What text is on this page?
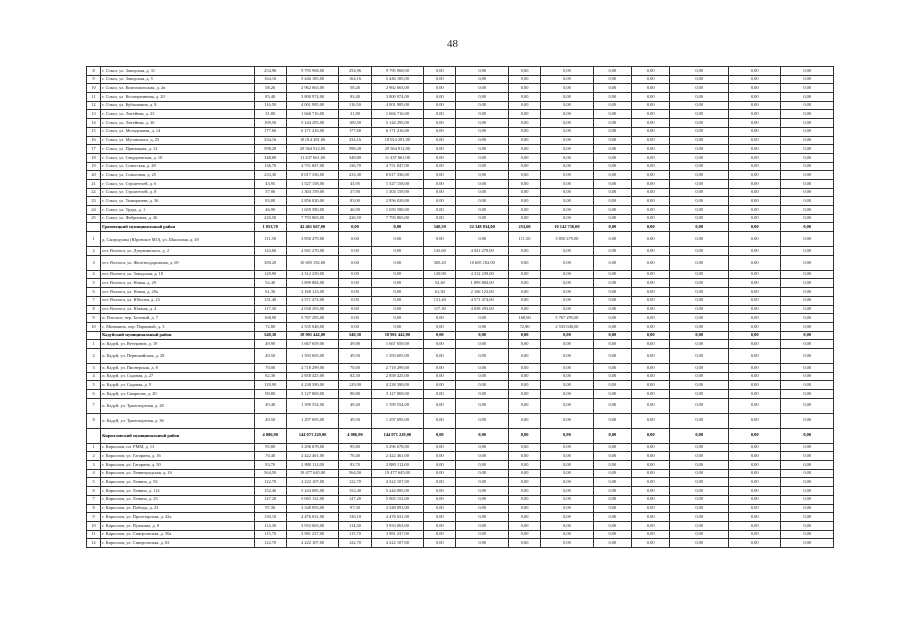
48
8	г. Сокол, ул. Заводская, д. 31	254,96	9 795 968,00	254,96	9 795 968,00	0,00	0,00	0,00	0,00	0,00	0,00	0,00	0,00	0,00
9	г. Сокол, ул. Заводская, д. 5	164,16	5 446 185,00	164,16	5 446 185,00	0,00	0,00	0,00	0,00	0,00	0,00	0,00	0,00	0,00
10	г. Сокол, ул. Комсомольская, д. 2в	58,26	2 962 663,00	58,26	2 962 663,00	0,00	0,00	0,00	0,00	0,00	0,00	0,00	0,00	0,00
11	г. Сокол, ул. Кооперативная, д. 20	83,40	3 800 974,00	83,40	3 800 974,00	0,00	0,00	0,00	0,00	0,00	0,00	0,00	0,00	0,00
12	г. Сокол, ул. Кубышкина, д. 8	116,50	4 001 985,00	116,50	4 001 985,00	0,00	0,00	0,00	0,00	0,00	0,00	0,00	0,00	0,00
13	г. Сокол, ул. Литейная, д. 23	31,80	1 666 716,00	31,80	1 666 716,00	0,00	0,00	0,00	0,00	0,00	0,00	0,00	0,00	0,00
14	г. Сокол, ул. Литейная, д. 36	109,50	5 144 295,00	109,50	5 144 295,00	0,00	0,00	0,00	0,00	0,00	0,00	0,00	0,00	0,00
15	г. Сокол, ул. Молодежная, д. 14	177,60	6 171 216,00	177,60	6 171 216,00	0,00	0,00	0,00	0,00	0,00	0,00	0,00	0,00	0,00
16	г. Сокол, ул. Мусинского, д. 25	334,16	18 014 281,00	334,16	18 014 281,00	0,00	0,00	0,00	0,00	0,00	0,00	0,00	0,00	0,00
17	г. Сокол, ул. Примацкая, д. 12	598,28	29 564 912,00	598,28	29 564 912,00	0,00	0,00	0,00	0,00	0,00	0,00	0,00	0,00	0,00
18	г. Сокол, ул. Свердловская, д. 10	348,80	11 437 661,00	348,80	11 437 661,00	0,00	0,00	0,00	0,00	0,00	0,00	0,00	0,00	0,00
19	г. Сокол, ул. Советская, д. 28	136,70	4 751 847,00	136,70	4 751 847,00	0,00	0,00	0,00	0,00	0,00	0,00	0,00	0,00	0,00
20	г. Сокол, ул. Совхозная, д. 25	233,30	8 017 336,00	233,30	8 017 336,00	0,00	0,00	0,00	0,00	0,00	0,00	0,00	0,00	0,00
21	г. Сокол, ул. Строителей, д. 6	43,95	1 527 158,00	43,95	1 527 158,00	0,00	0,00	0,00	0,00	0,00	0,00	0,00	0,00	0,00
22	г. Сокол, ул. Строителей, д. 8	37,90	1 304 159,00	37,90	1 304 159,00	0,00	0,00	0,00	0,00	0,00	0,00	0,00	0,00	0,00
23	г. Сокол, ул. Тимирязева, д. 36	83,00	2 856 020,00	83,00	2 856 020,00	0,00	0,00	0,00	0,00	0,00	0,00	0,00	0,00	0,00
24	г. Сокол, ул. Труда, д. 1	46,90	1 659 580,00	46,90	1 659 580,00	0,00	0,00	0,00	0,00	0,00	0,00	0,00	0,00	0,00
25	г. Сокол, ул. Фабричная, д. 26	226,50	7 793 865,00	226,50	7 793 865,00	0,00	0,00	0,00	0,00	0,00	0,00	0,00	0,00	0,00
	Грязовецкий муниципальный район	1 053,70	42 461 667,00	0,00	0,00	540,50	22 348 834,00	253,60	10 142 736,00	0,00	0,00	0,00	0,00	0,00
1	д. Скородумка (Юровское МО), ул. Школьная, д. 49	111,50	3 850 479,00	0,00	0,00	0,00	0,00	111,50	3 850 479,00	0,00	0,00	0,00	0,00	0,00
2	пгт. Вохтога, ул. Дзержинского, д. 2	143,60	4 941 270,00	0,00	0,00	143,60	4 941 270,00	0,00	0,00	0,00	0,00	0,00	0,00	0,00
3	пгт. Вохтога, ул. Железнодорожная, д. 69	300,20	10 605 182,00	0,00	0,00	300,20	10 605 182,00	0,00	0,00	0,00	0,00	0,00	0,00	0,00
4	пгт. Вохтога, ул. Заводская, д. 18	120,90	4 312 239,00	0,00	0,00	120,90	4 312 239,00	0,00	0,00	0,00	0,00	0,00	0,00	0,00
5	пгт. Вохтога, ул. Новая, д. 29	52,40	1 899 884,00	0,00	0,00	52,40	1 899 884,00	0,00	0,00	0,00	0,00	0,00	0,00	0,00
6	пгт. Вохтога, ул. Новая, д. 29а	61,30	2 166 123,00	0,00	0,00	61,30	2 166 123,00	0,00	0,00	0,00	0,00	0,00	0,00	0,00
7	пгт. Вохтога, ул. Юбилея, д. 25	131,40	4 571 474,00	0,00	0,00	131,40	4 571 474,00	0,00	0,00	0,00	0,00	0,00	0,00	0,00
8	пгт. Вохтога, ул. Южная, д. 4	117,30	4 038 293,00	0,00	0,00	117,30	4 038 293,00	0,00	0,00	0,00	0,00	0,00	0,00	0,00
9	п. Плоское, пер. Зеленый, д. 7	168,90	5 767 295,00	0,00	0,00	0,00	0,00	168,90	5 767 295,00	0,00	0,00	0,00	0,00	0,00
10	с. Минькино, пер. Парковый, д. 3	72,80	2 535 048,00	0,00	0,00	0,00	0,00	72,80	2 535 048,00	0,00	0,00	0,00	0,00	0,00
	Кадуйский муниципальный район	540,30	18 901 442,00	540,30	18 901 442,00	0,00	0,00	0,00	0,00	0,00	0,00	0,00	0,00	0,00
1	п. Кадуй, ул. Ветеранов, д. 19	49,90	1 667 659,00	49,90	1 667 659,00	0,00	0,00	0,00	0,00	0,00	0,00	0,00	0,00	0,00
2	п. Кадуй, ул. Первомайская, д. 28	49,50	1 593 605,00	49,50	1 593 605,00	0,00	0,00	0,00	0,00	0,00	0,00	0,00	0,00	0,00
3	п. Кадуй, ул. Пионерская, д. 8	70,00	2 718 299,00	70,00	2 718 299,00	0,00	0,00	0,00	0,00	0,00	0,00	0,00	0,00	0,00
4	п. Кадуй, ул. Садовая, д. 27	82,30	2 858 425,00	82,30	2 858 425,00	0,00	0,00	0,00	0,00	0,00	0,00	0,00	0,00	0,00
5	п. Кадуй, ул. Садовая, д. 9	129,90	4 238 390,00	129,90	4 238 390,00	0,00	0,00	0,00	0,00	0,00	0,00	0,00	0,00	0,00
6	п. Кадуй, ул. Смирнова, д. 20	90,80	3 127 869,00	90,80	3 127 869,00	0,00	0,00	0,00	0,00	0,00	0,00	0,00	0,00	0,00
7	п. Кадуй, ул. Транспортная, д. 28	49,40	1 399 554,00	49,40	1 399 554,00	0,00	0,00	0,00	0,00	0,00	0,00	0,00	0,00	0,00
8	п. Кадуй, ул. Транспортная, д. 36	49,50	1 297 695,00	49,50	1 297 695,00	0,00	0,00	0,00	0,00	0,00	0,00	0,00	0,00	0,00
	Кирилловский муниципальный район	4 086,90	144 071 229,00	4 086,90	144 071 229,00	0,00	0,00	0,00	0,00	0,00	0,00	0,00	0,00	0,00
1	г. Кириллов, пл. РММ, д. 13	95,80	3 296 678,00	95,80	3 296 678,00	0,00	0,00	0,00	0,00	0,00	0,00	0,00	0,00	0,00
2	г. Кириллов, ул. Гагарина, д. 16	70,40	2 422 461,00	70,40	2 422 461,00	0,00	0,00	0,00	0,00	0,00	0,00	0,00	0,00	0,00
3	г. Кириллов, ул. Гагарина, д. 50	83,70	2 880 112,00	83,70	2 880 112,00	0,00	0,00	0,00	0,00	0,00	0,00	0,00	0,00	0,00
4	г. Кириллов, ул. Ленинградская, д. 16	564,50	19 477 645,00	564,50	19 477 645,00	0,00	0,00	0,00	0,00	0,00	0,00	0,00	0,00	0,00
5	г. Кириллов, ул. Ленина, д. 92	122,70	4 222 107,00	122,70	4 222 107,00	0,00	0,00	0,00	0,00	0,00	0,00	0,00	0,00	0,00
6	г. Кириллов, ул. Ленина, д. 114	152,40	5 244 085,00	152,40	5 244 085,00	0,00	0,00	0,00	0,00	0,00	0,00	0,00	0,00	0,00
7	г. Кириллов, ул. Ленина, д. 23	147,20	5 065 152,00	147,20	5 065 152,00	0,00	0,00	0,00	0,00	0,00	0,00	0,00	0,00	0,00
8	г. Кириллов, ул. Победы, д. 23	97,30	3 348 093,00	97,30	3 348 093,00	0,00	0,00	0,00	0,00	0,00	0,00	0,00	0,00	0,00
9	г. Кириллов, ул. Пролетарская, д. 42а	130,10	4 476 631,00	130,10	4 476 631,00	0,00	0,00	0,00	0,00	0,00	0,00	0,00	0,00	0,00
10	г. Кириллов, ул. Пушкина, д. 8	114,30	3 933 063,00	114,30	3 933 063,00	0,00	0,00	0,00	0,00	0,00	0,00	0,00	0,00	0,00
11	г. Кириллов, ул. Сиверсовская, д. 50а	115,70	3 981 237,00	115,70	3 981 237,00	0,00	0,00	0,00	0,00	0,00	0,00	0,00	0,00	0,00
12	г. Кириллов, ул. Сиверсовская, д. 63	122,70	4 222 107,00	122,70	4 222 107,00	0,00	0,00	0,00	0,00	0,00	0,00	0,00	0,00	0,00
